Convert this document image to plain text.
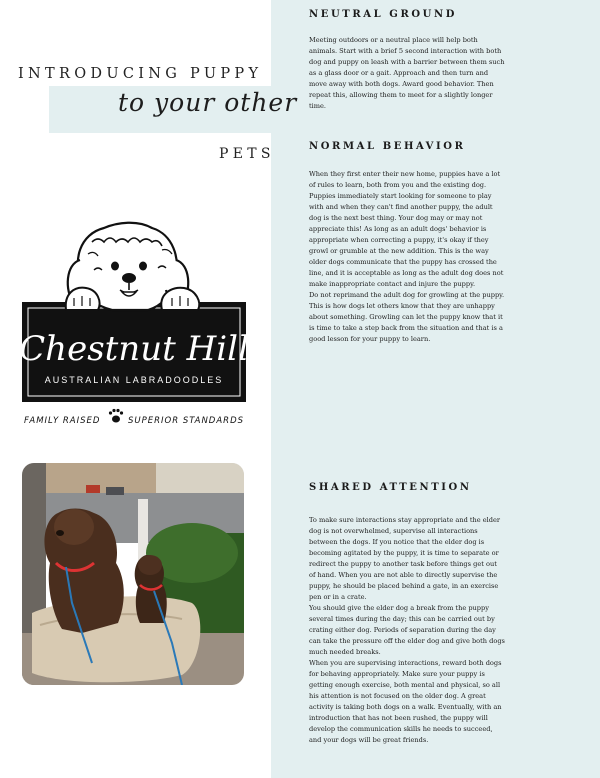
INTRODUCING PUPPY
to your other
PETS
NEUTRAL GROUND

Meeting outdoors or a neutral place will help both animals. Start with a brief 5 second interaction with both dog and puppy on leash with a barrier between them such as a glass door or a gait. Approach and then turn and move away with both dogs. Award good behavior. Then repeat this, allowing them to meet for a slightly longer time.

NORMAL BEHAVIOR

When they first enter their new home, puppies have a lot of rules to learn, both from you and the existing dog. Puppies immediately start looking for someone to play with and when they can't find another puppy, the adult dog is the next best thing. Your dog may or may not appreciate this! As long as an adult dogs' behavior is appropriate when correcting a puppy, it's okay if they growl or grumble at the new addition. This is the way older dogs communicate that the puppy has crossed the line, and it is acceptable as long as the adult dog does not make inappropriate contact and injure the puppy.

Do not reprimand the adult dog for growling at the puppy. This is how dogs let others know that they are unhappy about something. Growling can let the puppy know that it is time to take a step back from the situation and that is a good lesson for your puppy to learn.

SHARED ATTENTION

To make sure interactions stay appropriate and the elder dog is not overwhelmed, supervise all interactions between the dogs. If you notice that the elder dog is becoming agitated by the puppy, it is time to separate or redirect the puppy to another task before things get out of hand. When you are not able to directly supervise the puppy, he should be placed behind a gate, in an exercise pen or in a crate.

You should give the elder dog a break from the puppy several times during the day; this can be carried out by crating either dog. Periods of separation during the day can take the pressure off the elder dog and give both dogs much needed breaks.

When you are supervising interactions, reward both dogs for behaving appropriately. Make sure your puppy is getting enough exercise, both mental and physical, so all his attention is not focused on the older dog. A great activity is taking both dogs on a walk. Eventually, with an introduction that has not been rushed, the puppy will develop the communication skills he needs to succeed, and your dogs will be great friends.

Chestnut Hill
AUSTRALIAN LABRADOODLES
FAMILY RAISED	SUPERIOR STANDARDS
